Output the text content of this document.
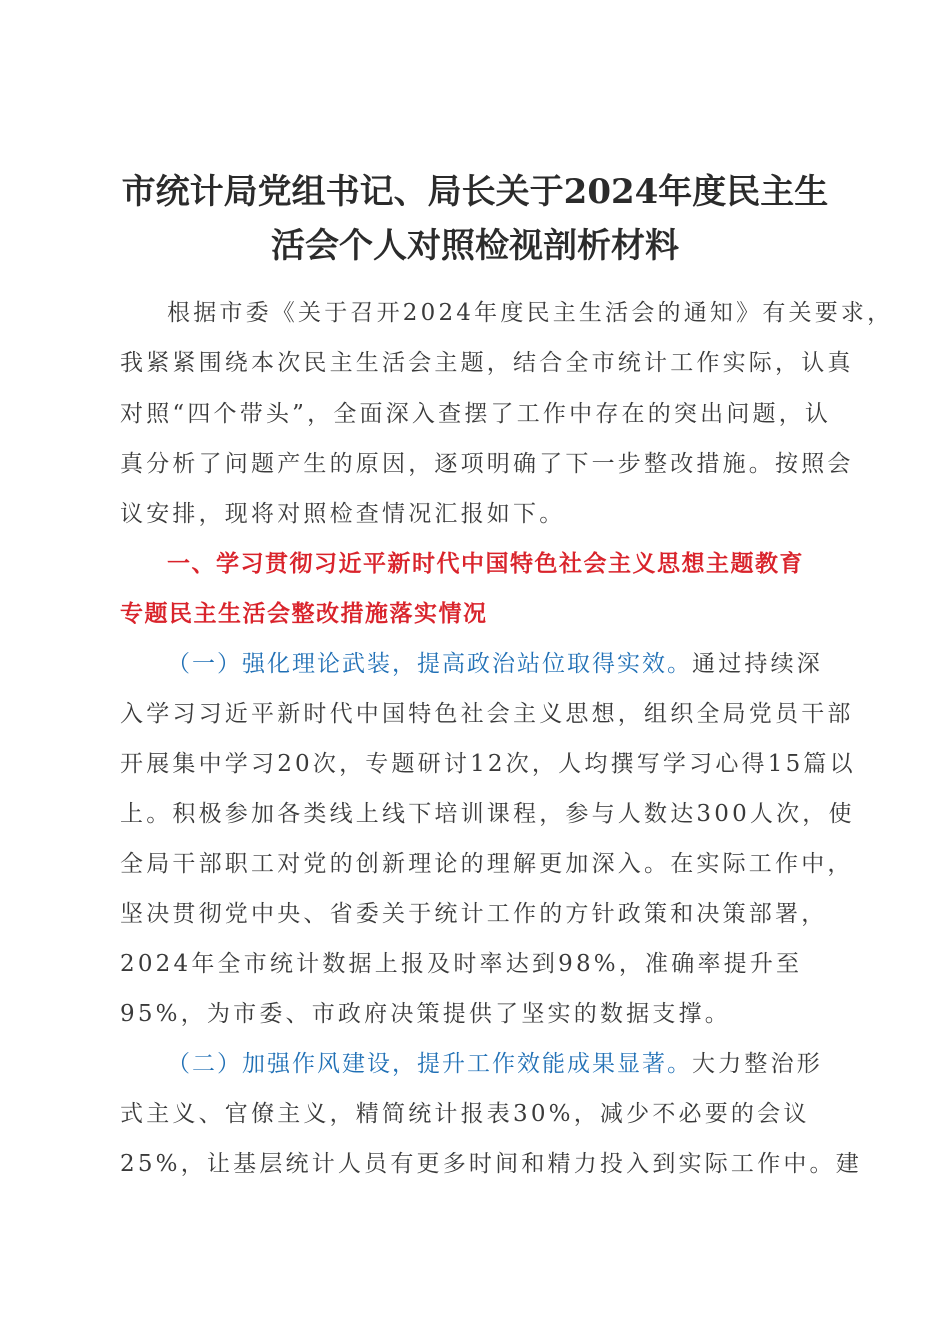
市统计局党组书记、局长关于2024年度民主生
活会个人对照检视剖析材料
根据市委《关于召开2024年度民主生活会的通知》有关要求，
我紧紧围绕本次民主生活会主题，结合全市统计工作实际，认真
对照“四个带头”，全面深入查摆了工作中存在的突出问题，认
真分析了问题产生的原因，逐项明确了下一步整改措施。按照会
议安排，现将对照检查情况汇报如下。
一、学习贯彻习近平新时代中国特色社会主义思想主题教育
专题民主生活会整改措施落实情况
（一）强化理论武装，提高政治站位取得实效。通过持续深
入学习习近平新时代中国特色社会主义思想，组织全局党员干部
开展集中学习20次，专题研讨12次，人均撰写学习心得15篇以
上。积极参加各类线上线下培训课程，参与人数达300人次，使
全局干部职工对党的创新理论的理解更加深入。在实际工作中，
坚决贯彻党中央、省委关于统计工作的方针政策和决策部署，
2024年全市统计数据上报及时率达到98%，准确率提升至
95%，为市委、市政府决策提供了坚实的数据支撑。
（二）加强作风建设，提升工作效能成果显著。大力整治形
式主义、官僚主义，精简统计报表30%，减少不必要的会议
25%，让基层统计人员有更多时间和精力投入到实际工作中。建
